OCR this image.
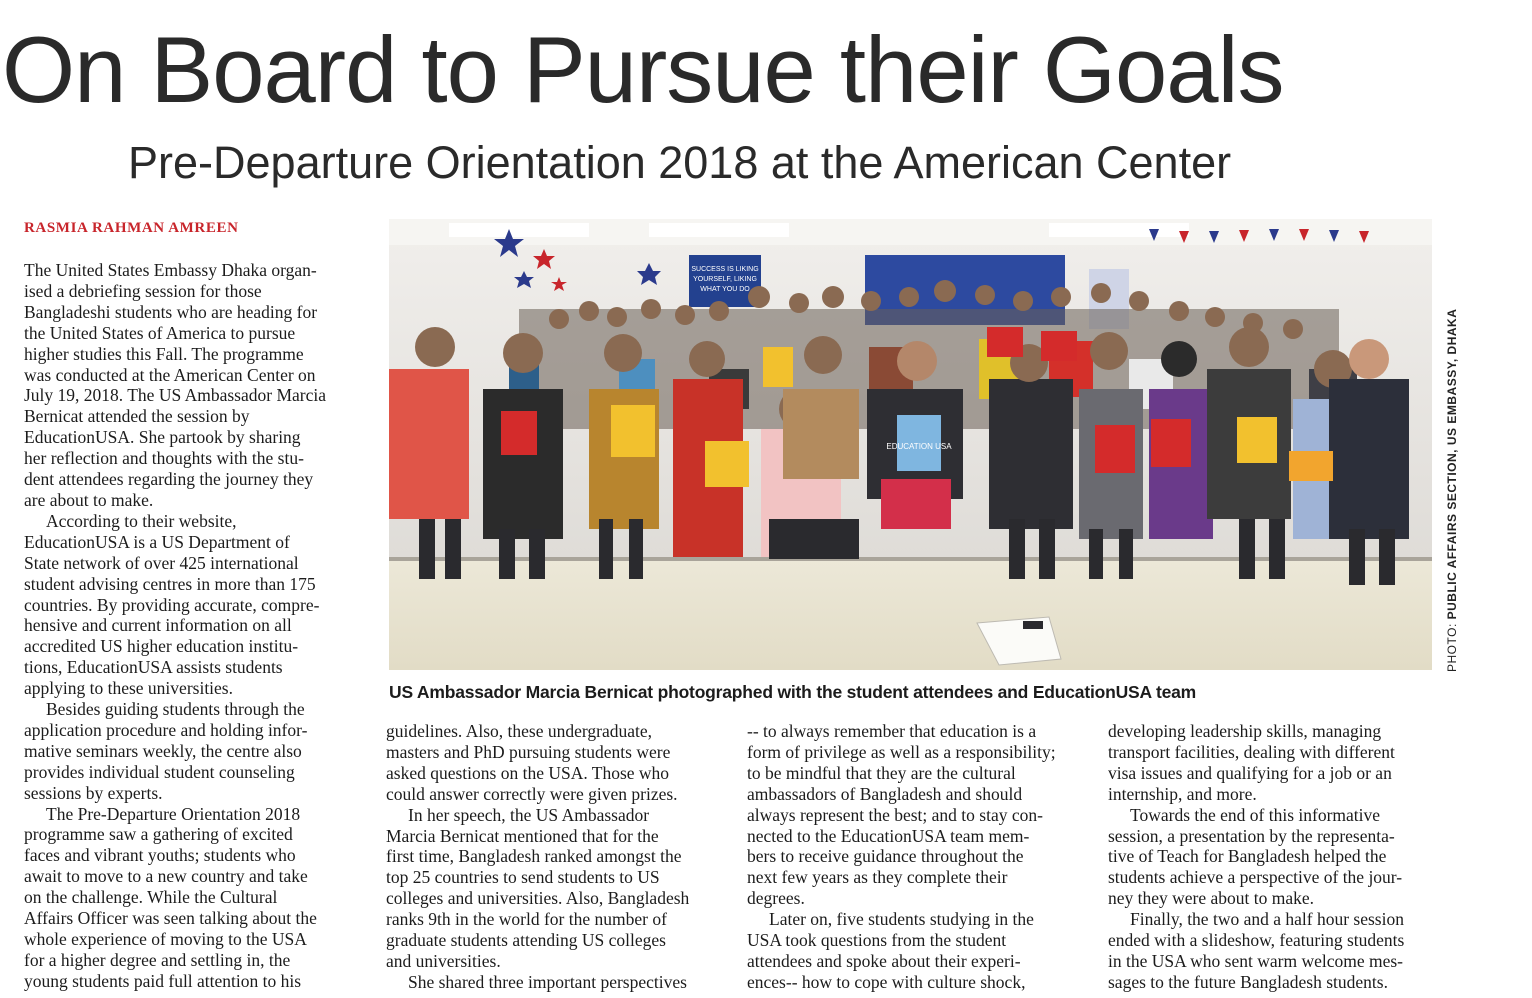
On Board to Pursue their Goals
Pre-Departure Orientation 2018 at the American Center
RASMIA RAHMAN AMREEN

The United States Embassy Dhaka organ-

ised a debriefing session for those

Bangladeshi students who are heading for

the United States of America to pursue

higher studies this Fall. The programme

was conducted at the American Center on

July 19, 2018. The US Ambassador Marcia

Bernicat attended the session by

EducationUSA. She partook by sharing

her reflection and thoughts with the stu-

dent attendees regarding the journey they

are about to make.

According to their website,

EducationUSA is a US Department of

State network of over 425 international

student advising centres in more than 175

countries. By providing accurate, compre-

hensive and current information on all

accredited US higher education institu-

tions, EducationUSA assists students

applying to these universities.

Besides guiding students through the

application procedure and holding infor-

mative seminars weekly, the centre also

provides individual student counseling

sessions by experts.

The Pre-Departure Orientation 2018

programme saw a gathering of excited

faces and vibrant youths; students who

await to move to a new country and take

on the challenge. While the Cultural

Affairs Officer was seen talking about the

whole experience of moving to the USA

for a higher degree and settling in, the

young students paid full attention to his

SUCCESS IS LIKING
YOURSELF, LIKING
WHAT YOU DO
EDUCATION USA
PHOTO: PUBLIC AFFAIRS SECTION, US EMBASSY, DHAKA
US Ambassador Marcia Bernicat photographed with the student attendees and EducationUSA team

guidelines. Also, these undergraduate,

masters and PhD pursuing students were

asked questions on the USA. Those who

could answer correctly were given prizes.

In her speech, the US Ambassador

Marcia Bernicat mentioned that for the

first time, Bangladesh ranked amongst the

top 25 countries to send students to US

colleges and universities. Also, Bangladesh

ranks 9th in the world for the number of

graduate students attending US colleges

and universities.

She shared three important perspectives

-- to always remember that education is a

form of privilege as well as a responsibility;

to be mindful that they are the cultural

ambassadors of Bangladesh and should

always represent the best; and to stay con-

nected to the EducationUSA team mem-

bers to receive guidance throughout the

next few years as they complete their

degrees.

Later on, five students studying in the

USA took questions from the student

attendees and spoke about their experi-

ences-- how to cope with culture shock,

developing leadership skills, managing

transport facilities, dealing with different

visa issues and qualifying for a job or an

internship, and more.

Towards the end of this informative

session, a presentation by the representa-

tive of Teach for Bangladesh helped the

students achieve a perspective of the jour-

ney they were about to make.

Finally, the two and a half hour session

ended with a slideshow, featuring students

in the USA who sent warm welcome mes-

sages to the future Bangladesh students.
